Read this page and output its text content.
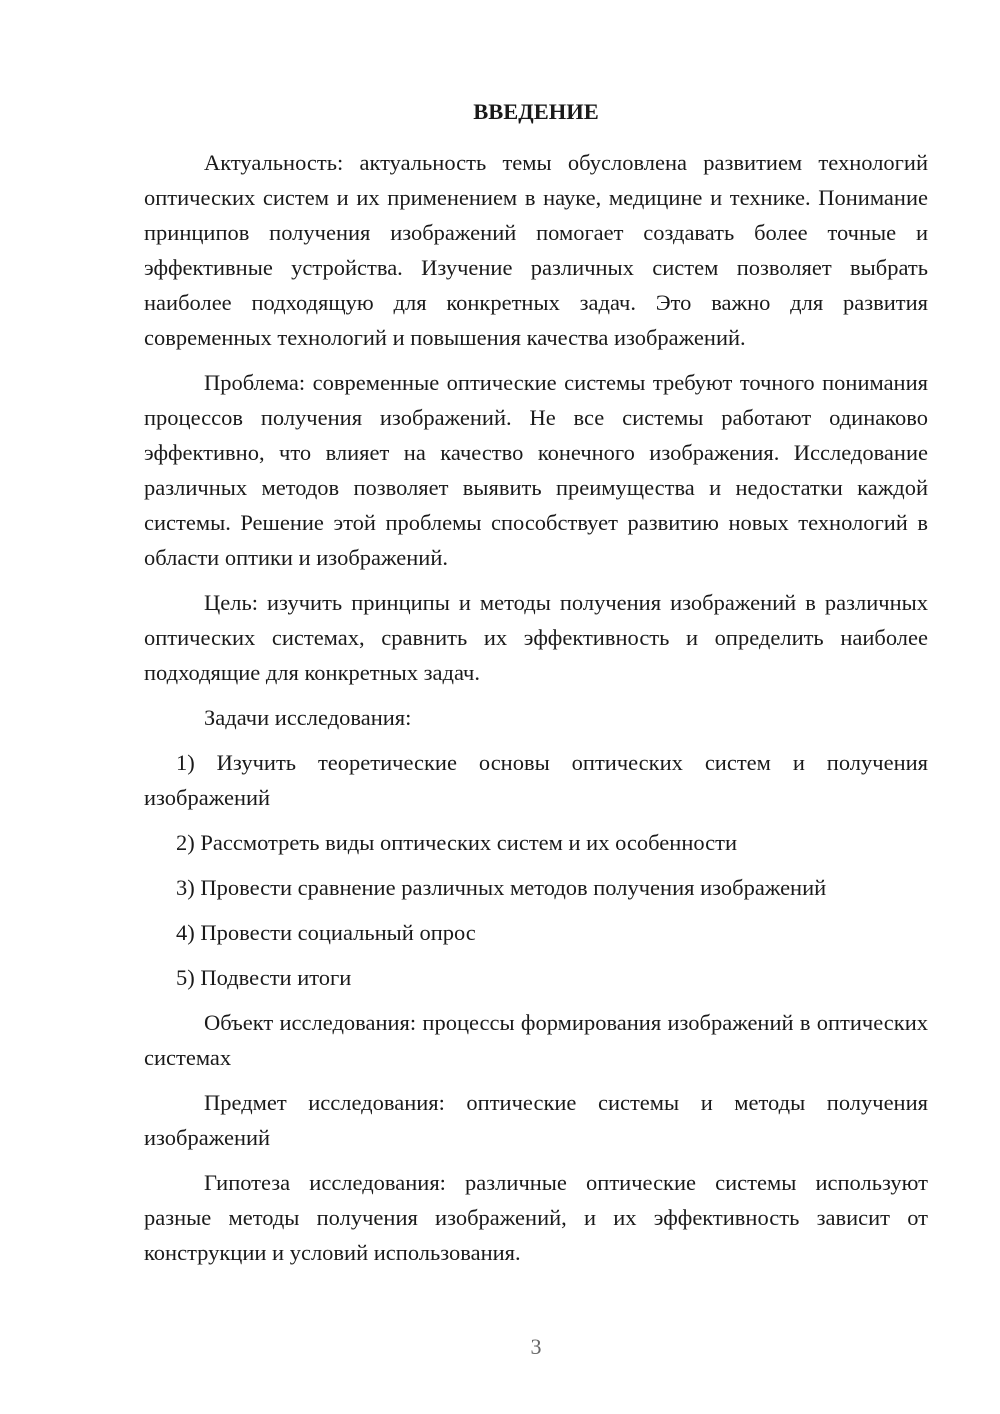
ВВЕДЕНИЕ

Актуальность: актуальность темы обусловлена развитием технологий оптических систем и их применением в науке, медицине и технике. Понимание принципов получения изображений помогает создавать более точные и эффективные устройства. Изучение различных систем позволяет выбрать наиболее подходящую для конкретных задач. Это важно для развития современных технологий и повышения качества изображений.

Проблема: современные оптические системы требуют точного понимания процессов получения изображений. Не все системы работают одинаково эффективно, что влияет на качество конечного изображения. Исследование различных методов позволяет выявить преимущества и недостатки каждой системы. Решение этой проблемы способствует развитию новых технологий в области оптики и изображений.

Цель: изучить принципы и методы получения изображений в различных оптических системах, сравнить их эффективность и определить наиболее подходящие для конкретных задач.

Задачи исследования:

1) Изучить теоретические основы оптических систем и получения изображений

2) Рассмотреть виды оптических систем и их особенности

3) Провести сравнение различных методов получения изображений

4) Провести социальный опрос

5) Подвести итоги

Объект исследования: процессы формирования изображений в оптических системах

Предмет исследования: оптические системы и методы получения изображений

Гипотеза исследования: различные оптические системы используют разные методы получения изображений, и их эффективность зависит от конструкции и условий использования.

3
